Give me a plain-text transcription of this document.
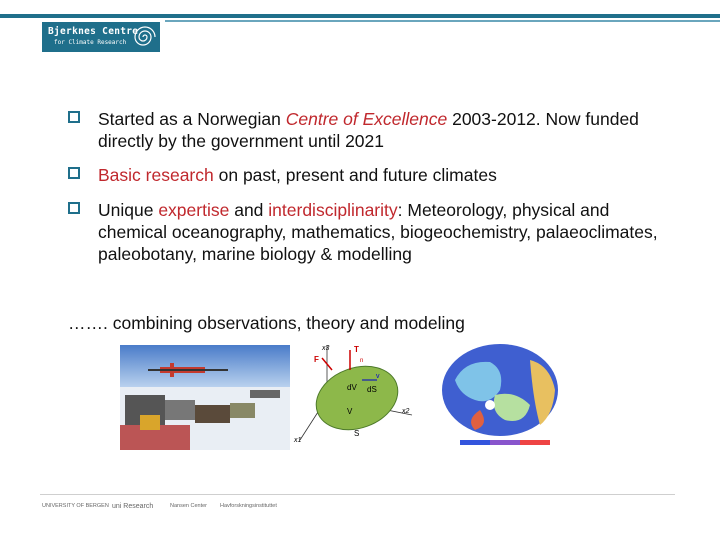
Bjerknes Centre
for Climate Research
Started as a Norwegian Centre of Excellence 2003-2012. Now funded directly by the government until 2021
Basic research on past, present and future climates
Unique expertise and interdisciplinarity: Meteorology, physical and chemical oceanography, mathematics, biogeochemistry, palaeoclimates, paleobotany, marine biology & modelling
……. combining observations, theory and modeling
x3
x2
x1
F
T
n
v
dV dS
V
S
UNIVERSITY OF BERGEN uni Research	Havforskningsinstituttet
Nansen Center
